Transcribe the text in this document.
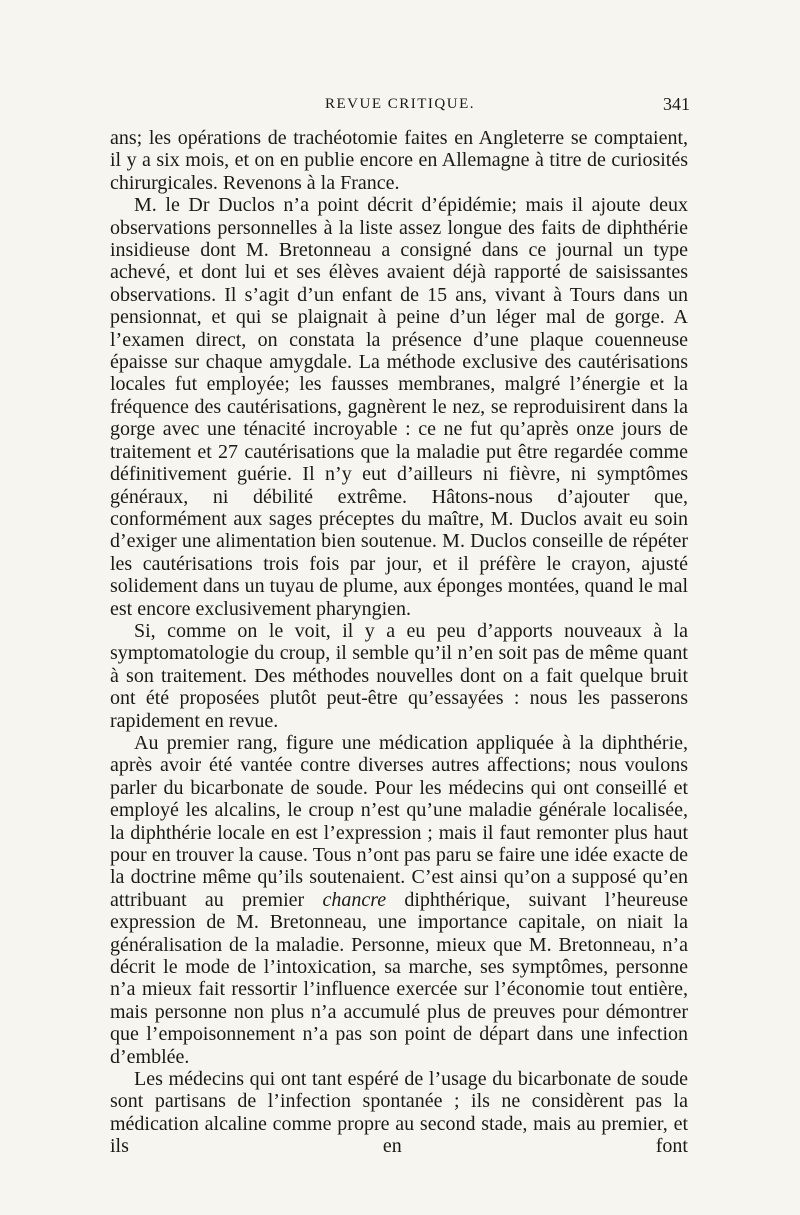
REVUE CRITIQUE.	341

ans; les opérations de trachéotomie faites en Angleterre se comptaient, il y a six mois, et on en publie encore en Allemagne à titre de curiosités chirurgicales. Revenons à la France.

M. le Dr Duclos n’a point décrit d’épidémie; mais il ajoute deux observations personnelles à la liste assez longue des faits de diphthérie insidieuse dont M. Bretonneau a consigné dans ce journal un type achevé, et dont lui et ses élèves avaient déjà rapporté de saisissantes observations. Il s’agit d’un enfant de 15 ans, vivant à Tours dans un pensionnat, et qui se plaignait à peine d’un léger mal de gorge. A l’examen direct, on constata la présence d’une plaque couenneuse épaisse sur chaque amygdale. La méthode exclusive des cautérisations locales fut employée; les fausses membranes, malgré l’énergie et la fréquence des cautérisations, gagnèrent le nez, se reproduisirent dans la gorge avec une ténacité incroyable : ce ne fut qu’après onze jours de traitement et 27 cautérisations que la maladie put être regardée comme définitivement guérie. Il n’y eut d’ailleurs ni fièvre, ni symptômes généraux, ni débilité extrême. Hâtons-nous d’ajouter que, conformément aux sages préceptes du maître, M. Duclos avait eu soin d’exiger une alimentation bien soutenue. M. Duclos conseille de répéter les cautérisations trois fois par jour, et il préfère le crayon, ajusté solidement dans un tuyau de plume, aux éponges montées, quand le mal est encore exclusivement pharyngien.

Si, comme on le voit, il y a eu peu d’apports nouveaux à la symptomatologie du croup, il semble qu’il n’en soit pas de même quant à son traitement. Des méthodes nouvelles dont on a fait quelque bruit ont été proposées plutôt peut-être qu’essayées : nous les passerons rapidement en revue.

Au premier rang, figure une médication appliquée à la diphthérie, après avoir été vantée contre diverses autres affections; nous voulons parler du bicarbonate de soude. Pour les médecins qui ont conseillé et employé les alcalins, le croup n’est qu’une maladie générale localisée, la diphthérie locale en est l’expression ; mais il faut remonter plus haut pour en trouver la cause. Tous n’ont pas paru se faire une idée exacte de la doctrine même qu’ils soutenaient. C’est ainsi qu’on a supposé qu’en attribuant au premier chancre diphthérique, suivant l’heureuse expression de M. Bretonneau, une importance capitale, on niait la généralisation de la maladie. Personne, mieux que M. Bretonneau, n’a décrit le mode de l’intoxication, sa marche, ses symptômes, personne n’a mieux fait ressortir l’influence exercée sur l’économie tout entière, mais personne non plus n’a accumulé plus de preuves pour démontrer que l’empoisonnement n’a pas son point de départ dans une infection d’emblée.

Les médecins qui ont tant espéré de l’usage du bicarbonate de soude sont partisans de l’infection spontanée ; ils ne considèrent pas la médication alcaline comme propre au second stade, mais au premier, et ils en font
